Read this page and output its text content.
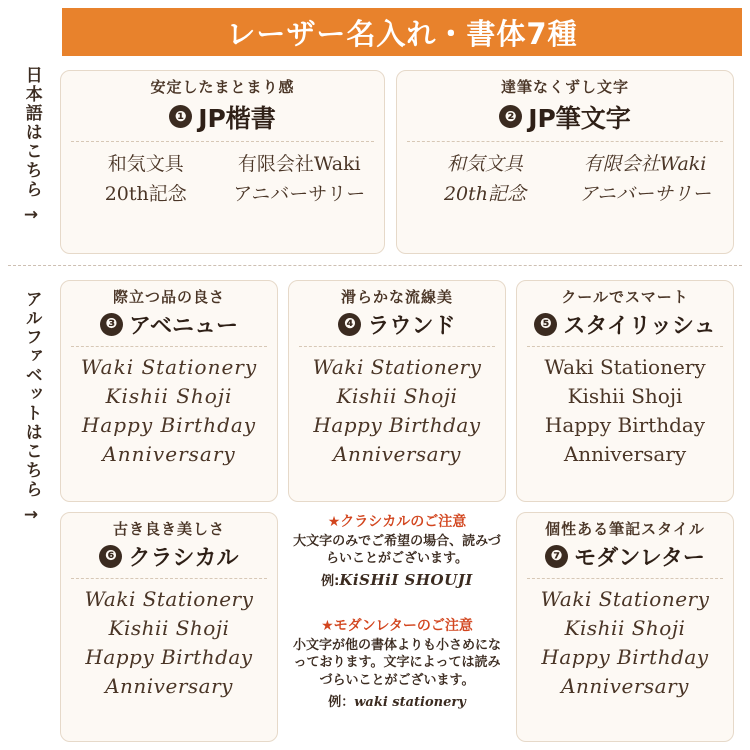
レーザー名入れ・書体7種
日本語はこちら
→
アルファベットはこちら
→
安定したまとまり感
❶ JP楷書
和気文具	有限会社Waki
20th記念	アニバーサリー
達筆なくずし文字
❷ JP筆文字
和気文具	有限会社Waki
20th記念	アニバーサリー
際立つ品の良さ
❸ アベニュー
Waki Stationery
Kishii Shoji
Happy Birthday
Anniversary
滑らかな流線美
❹ ラウンド
Waki Stationery
Kishii Shoji
Happy Birthday
Anniversary
クールでスマート
❺ スタイリッシュ
Waki Stationery
Kishii Shoji
Happy Birthday
Anniversary
古き良き美しさ
❻ クラシカル
Waki Stationery
Kishii Shoji
Happy Birthday
Anniversary
★クラシカルのご注意
大文字のみでご希望の場合、読みづらいことがございます。
例:KiSHiI SHOUJI
★モダンレターのご注意
小文字が他の書体よりも小さめになっております。文字によっては読みづらいことがございます。
例：waki stationery
個性ある筆記スタイル
❼ モダンレター
Waki Stationery
Kishii Shoji
Happy Birthday
Anniversary
